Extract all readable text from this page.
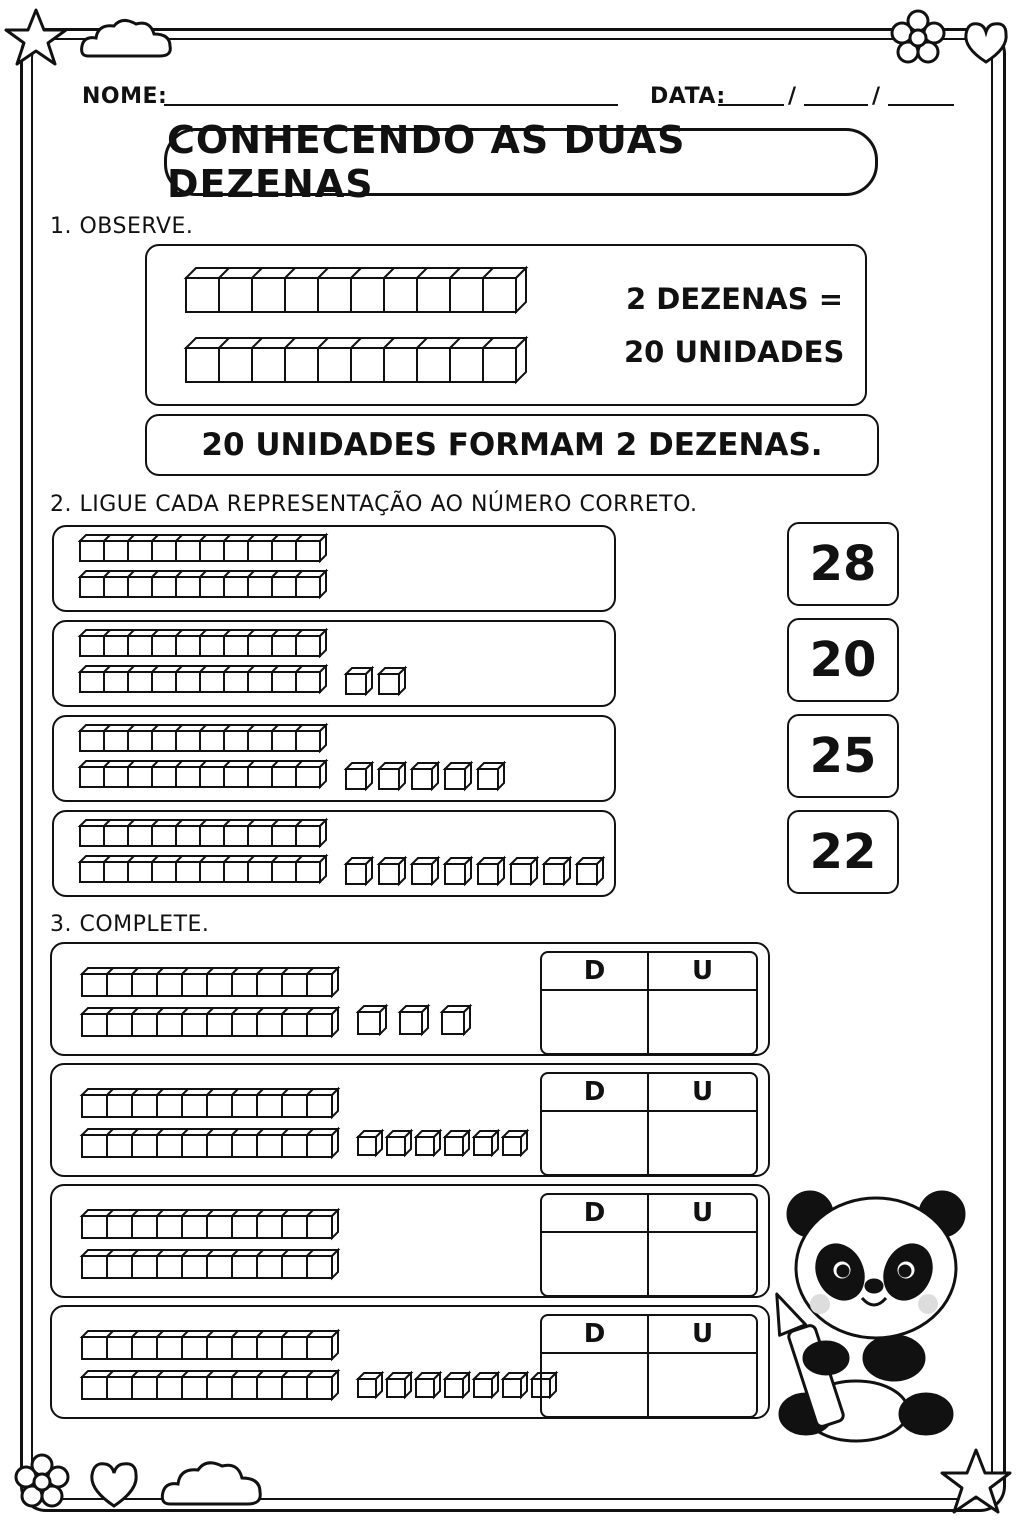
NOME:	DATA:	/	/
CONHECENDO AS DUAS DEZENAS
1. OBSERVE.
2 DEZENAS =
20 UNIDADES
20 UNIDADES FORMAM 2 DEZENAS.
2. LIGUE CADA REPRESENTAÇÃO AO NÚMERO CORRETO.
28
20
25
22
3. COMPLETE.
D	U
D	U
D	U
D	U
